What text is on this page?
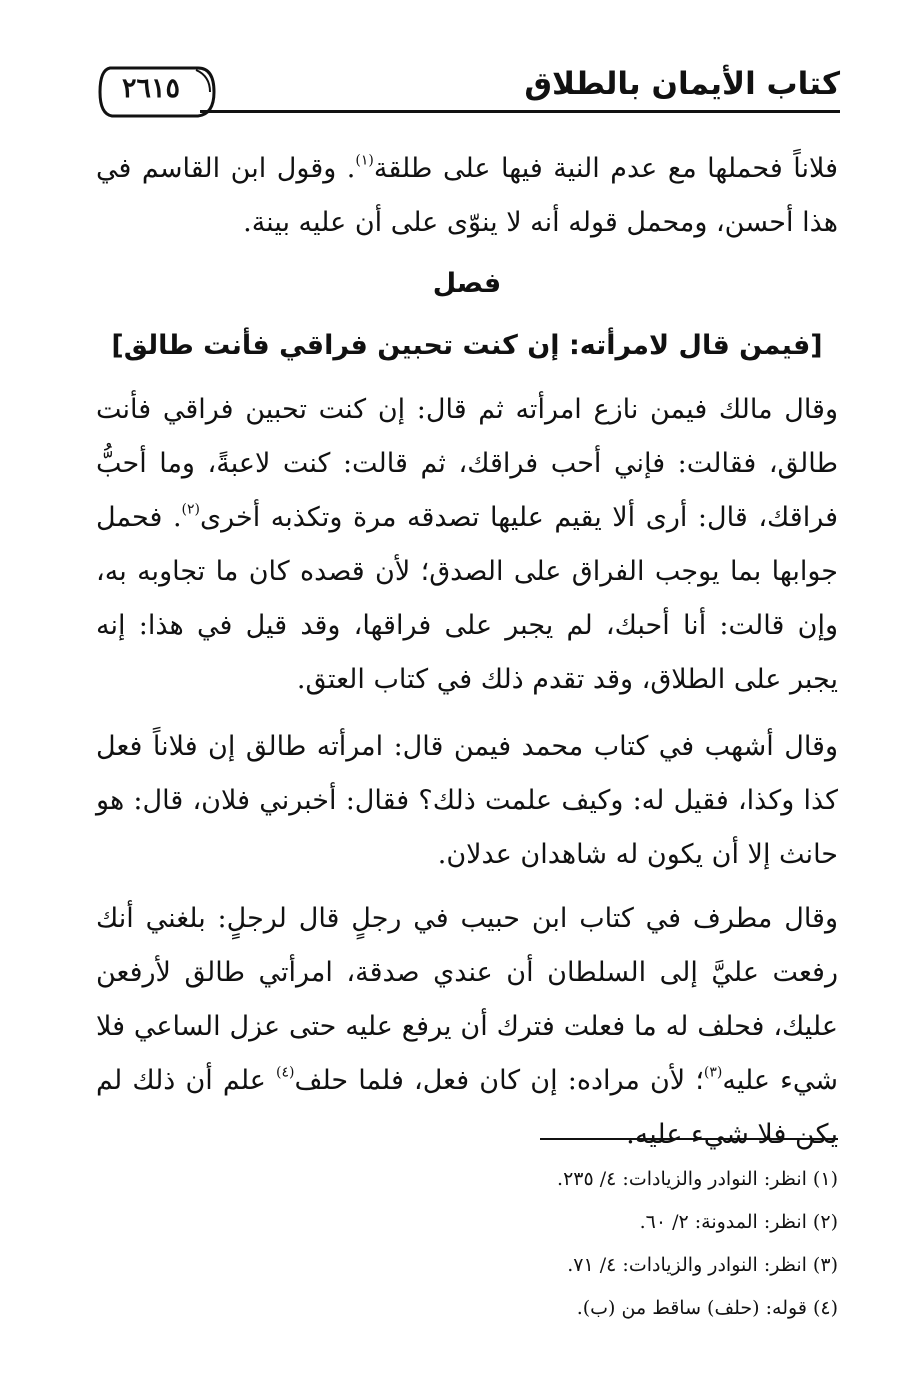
كتاب الأيمان بالطلاق
٢٦١٥

فلاناً فحملها مع عدم النية فيها على طلقة$^{(١)}$. وقول ابن القاسم في هذا أحسن، ومحمل قوله أنه لا ينوّى على أن عليه بينة.

فصل
[فيمن قال لامرأته: إن كنت تحبين فراقي فأنت طالق]

وقال مالك فيمن نازع امرأته ثم قال: إن كنت تحبين فراقي فأنت طالق، فقالت: فإني أحب فراقك، ثم قالت: كنت لاعبةً، وما أحبُّ فراقك، قال: أرى ألا يقيم عليها تصدقه مرة وتكذبه أخرى$^{(٢)}$. فحمل جوابها بما يوجب الفراق على الصدق؛ لأن قصده كان ما تجاوبه به، وإن قالت: أنا أحبك، لم يجبر على فراقها، وقد قيل في هذا: إنه يجبر على الطلاق، وقد تقدم ذلك في كتاب العتق.

وقال أشهب في كتاب محمد فيمن قال: امرأته طالق إن فلاناً فعل كذا وكذا، فقيل له: وكيف علمت ذلك؟ فقال: أخبرني فلان، قال: هو حانث إلا أن يكون له شاهدان عدلان.

وقال مطرف في كتاب ابن حبيب في رجلٍ قال لرجلٍ: بلغني أنك رفعت عليَّ إلى السلطان أن عندي صدقة، امرأتي طالق لأرفعن عليك، فحلف له ما فعلت فترك أن يرفع عليه حتى عزل الساعي فلا شيء عليه$^{(٣)}$؛ لأن مراده: إن كان فعل، فلما حلف$^{(٤)}$ علم أن ذلك لم يكن فلا شيء عليه.

(١) انظر: النوادر والزيادات: ٤/ ٢٣٥.

(٢) انظر: المدونة: ٢/ ٦٠.

(٣) انظر: النوادر والزيادات: ٤/ ٧١.

(٤) قوله: (حلف) ساقط من (ب).
